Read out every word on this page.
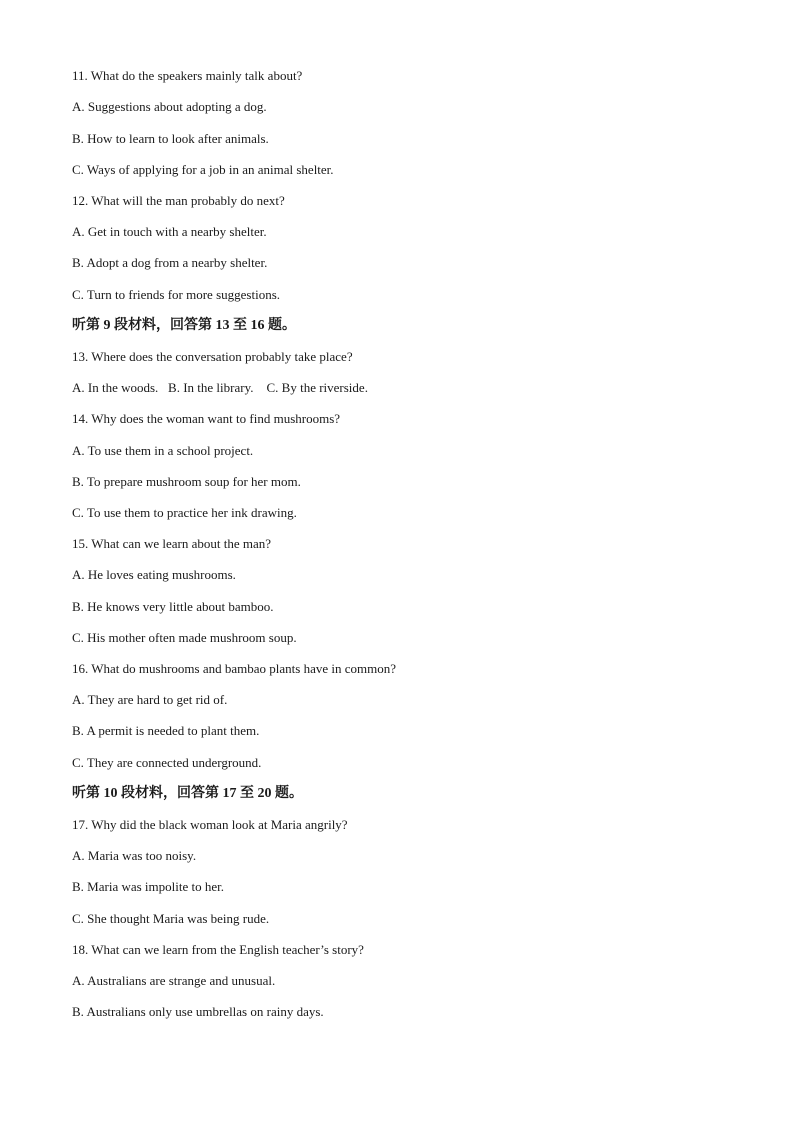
11. What do the speakers mainly talk about?
A. Suggestions about adopting a dog.
B. How to learn to look after animals.
C. Ways of applying for a job in an animal shelter.
12. What will the man probably do next?
A. Get in touch with a nearby shelter.
B. Adopt a dog from a nearby shelter.
C. Turn to friends for more suggestions.
听第 9 段材料，回答第 13 至 16 题。
13. Where does the conversation probably take place?
A. In the woods.   B. In the library.    C. By the riverside.
14. Why does the woman want to find mushrooms?
A. To use them in a school project.
B. To prepare mushroom soup for her mom.
C. To use them to practice her ink drawing.
15. What can we learn about the man?
A. He loves eating mushrooms.
B. He knows very little about bamboo.
C. His mother often made mushroom soup.
16. What do mushrooms and bambao plants have in common?
A. They are hard to get rid of.
B. A permit is needed to plant them.
C. They are connected underground.
听第 10 段材料，回答第 17 至 20 题。
17. Why did the black woman look at Maria angrily?
A. Maria was too noisy.
B. Maria was impolite to her.
C. She thought Maria was being rude.
18. What can we learn from the English teacher’s story?
A. Australians are strange and unusual.
B. Australians only use umbrellas on rainy days.
